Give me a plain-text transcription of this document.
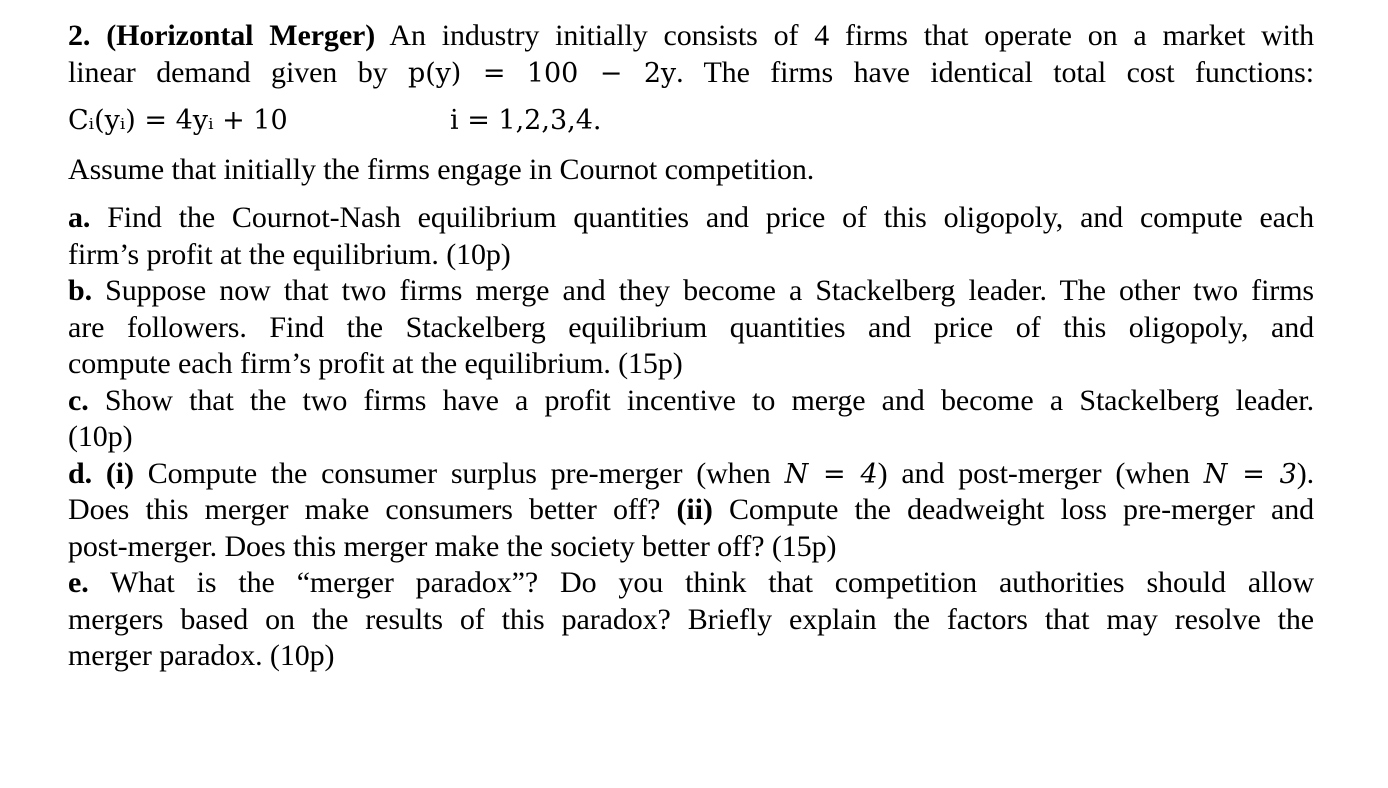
2. (Horizontal Merger) An industry initially consists of 4 firms that operate on a market with
linear demand given by p(y) = 100 − 2y. The firms have identical total cost functions:
Cᵢ(yᵢ) = 4yᵢ + 10	i = 1,2,3,4.
Assume that initially the firms engage in Cournot competition.
a. Find the Cournot-Nash equilibrium quantities and price of this oligopoly, and compute each
firm’s profit at the equilibrium. (10p)
b. Suppose now that two firms merge and they become a Stackelberg leader. The other two firms
are followers. Find the Stackelberg equilibrium quantities and price of this oligopoly, and
compute each firm’s profit at the equilibrium. (15p)
c. Show that the two firms have a profit incentive to merge and become a Stackelberg leader.
(10p)
d. (i) Compute the consumer surplus pre-merger (when N = 4) and post-merger (when N = 3).
Does this merger make consumers better off? (ii) Compute the deadweight loss pre-merger and
post-merger. Does this merger make the society better off? (15p)
e. What is the “merger paradox”? Do you think that competition authorities should allow
mergers based on the results of this paradox? Briefly explain the factors that may resolve the
merger paradox. (10p)
